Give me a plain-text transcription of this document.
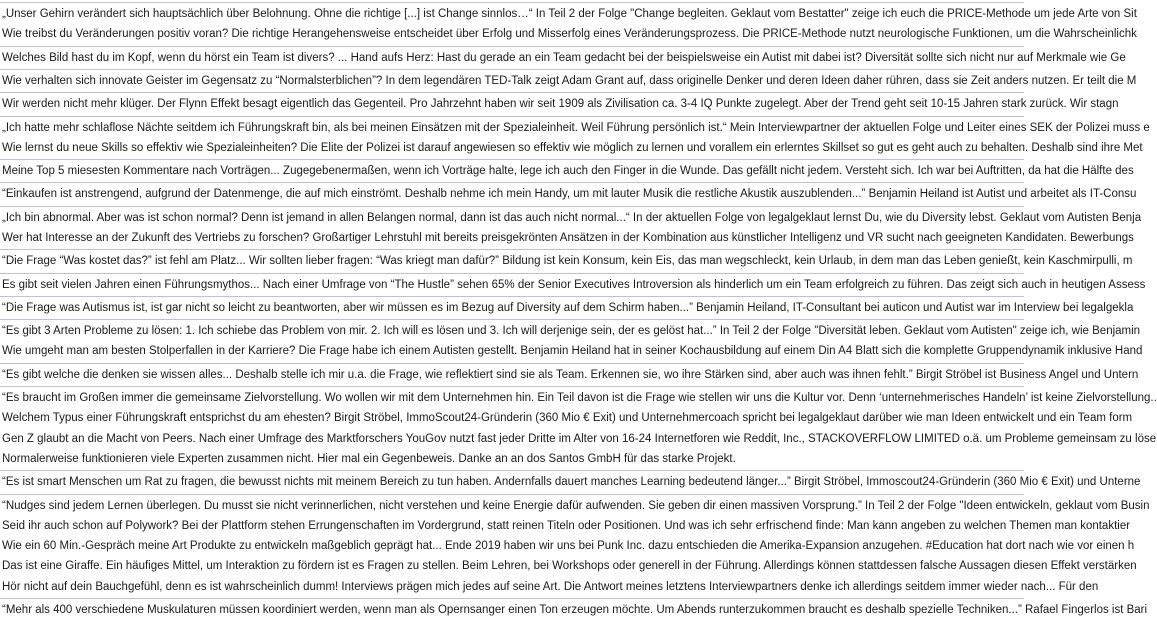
„Unser Gehirn verändert sich hauptsächlich über Belohnung. Ohne die richtige [...] ist Change sinnlos…“ In Teil 2 der Folge "Change begleiten. Geklaut vom Bestatter" zeige ich euch die PRICE-Methode um jede Arte von Sit
Wie treibst du Veränderungen positiv voran? Die richtige Herangehensweise entscheidet über Erfolg und Misserfolg eines Veränderungsprozess. Die PRICE-Methode nutzt neurologische Funktionen, um die Wahrscheinlichk
Welches Bild hast du im Kopf, wenn du hörst ein Team ist divers? ... Hand aufs Herz: Hast du gerade an ein Team gedacht bei der beispielsweise ein Autist mit dabei ist? Diversität sollte sich nicht nur auf Merkmale wie Ge
Wie verhalten sich innovate Geister im Gegensatz zu “Normalsterblichen”? In dem legendären TED-Talk zeigt Adam Grant auf, dass originelle Denker und deren Ideen daher rühren, dass sie Zeit anders nutzen. Er teilt die M
Wir werden nicht mehr klüger. Der Flynn Effekt besagt eigentlich das Gegenteil. Pro Jahrzehnt haben wir seit 1909 als Zivilisation ca. 3-4 IQ Punkte zugelegt. Aber der Trend geht seit 10-15 Jahren stark zurück. Wir stagn
„Ich hatte mehr schlaflose Nächte seitdem ich Führungskraft bin, als bei meinen Einsätzen mit der Spezialeinheit. Weil Führung persönlich ist.“ Mein Interviewpartner der aktuellen Folge und Leiter eines SEK der Polizei muss e
Wie lernst du neue Skills so effektiv wie Spezialeinheiten? Die Elite der Polizei ist darauf angewiesen so effektiv wie möglich zu lernen und vorallem ein erlerntes Skillset so gut es geht auch zu behalten. Deshalb sind ihre Met
Meine Top 5 miesesten Kommentare nach Vorträgen... Zugegebenermaßen, wenn ich Vorträge halte, lege ich auch den Finger in die Wunde. Das gefällt nicht jedem. Versteht sich. Ich war bei Auftritten, da hat die Hälfte des
“Einkaufen ist anstrengend, aufgrund der Datenmenge, die auf mich einströmt. Deshalb nehme ich mein Handy, um mit lauter Musik die restliche Akustik auszublenden...” Benjamin Heiland ist Autist und arbeitet als IT-Consu
„Ich bin abnormal. Aber was ist schon normal? Denn ist jemand in allen Belangen normal, dann ist das auch nicht normal...“ In der aktuellen Folge von legalgeklaut lernst Du, wie du Diversity lebst. Geklaut vom Autisten Benja
Wer hat Interesse an der Zukunft des Vertriebs zu forschen? Großartiger Lehrstuhl mit bereits preisgekrönten Ansätzen in der Kombination aus künstlicher Intelligenz und VR sucht nach geeigneten Kandidaten. Bewerbungs
“Die Frage “Was kostet das?” ist fehl am Platz... Wir sollten lieber fragen: “Was kriegt man dafür?” Bildung ist kein Konsum, kein Eis, das man wegschleckt, kein Urlaub, in dem man das Leben genießt, kein Kaschmirpulli, m
Es gibt seit vielen Jahren einen Führungsmythos... Nach einer Umfrage von “The Hustle” sehen 65% der Senior Executives Introversion als hinderlich um ein Team erfolgreich zu führen. Das zeigt sich auch in heutigen Assess
“Die Frage was Autismus ist, ist gar nicht so leicht zu beantworten, aber wir müssen es im Bezug auf Diversity auf dem Schirm haben...” Benjamin Heiland, IT-Consultant bei auticon und Autist war im Interview bei legalgekla
“Es gibt 3 Arten Probleme zu lösen: 1. Ich schiebe das Problem von mir. 2. Ich will es lösen und 3. Ich will derjenige sein, der es gelöst hat...” In Teil 2 der Folge "Diversität leben. Geklaut vom Autisten" zeige ich, wie Benjamin
Wie umgeht man am besten Stolperfallen in der Karriere? Die Frage habe ich einem Autisten gestellt. Benjamin Heiland hat in seiner Kochausbildung auf einem Din A4 Blatt sich die komplette Gruppendynamik inklusive Hand
“Es gibt welche die denken sie wissen alles... Deshalb stelle ich mir u.a. die Frage, wie reflektiert sind sie als Team. Erkennen sie, wo ihre Stärken sind, aber auch was ihnen fehlt.” Birgit Ströbel ist Business Angel und Untern
“Es braucht im Großen immer die gemeinsame Zielvorstellung. Wo wollen wir mit dem Unternehmen hin. Ein Teil davon ist die Frage wie stellen wir uns die Kultur vor. Denn ‘unternehmerisches Handeln’ ist keine Zielvorstellung..
Welchem Typus einer Führungskraft entsprichst du am ehesten? Birgit Ströbel, ImmoScout24-Gründerin (360 Mio € Exit) und Unternehmercoach spricht bei legalgeklaut darüber wie man Ideen entwickelt und ein Team form
Gen Z glaubt an die Macht von Peers. Nach einer Umfrage des Marktforschers YouGov nutzt fast jeder Dritte im Alter von 16-24 Internetforen wie Reddit, Inc., STACKOVERFLOW LIMITED o.ä. um Probleme gemeinsam zu löse
Normalerweise funktionieren viele Experten zusammen nicht. Hier mal ein Gegenbeweis. Danke an an dos Santos GmbH für das starke Projekt.
“Es ist smart Menschen um Rat zu fragen, die bewusst nichts mit meinem Bereich zu tun haben. Andernfalls dauert manches Learning bedeutend länger...” Birgit Ströbel, Immoscout24-Gründerin (360 Mio € Exit) und Unterne
“Nudges sind jedem Lernen überlegen. Du musst sie nicht verinnerlichen, nicht verstehen und keine Energie dafür aufwenden. Sie geben dir einen massiven Vorsprung.” In Teil 2 der Folge "Ideen entwickeln, geklaut vom Busin
Seid ihr auch schon auf Polywork? Bei der Plattform stehen Errungenschaften im Vordergrund, statt reinen Titeln oder Positionen. Und was ich sehr erfrischend finde: Man kann angeben zu welchen Themen man kontaktier
Wie ein 60 Min.-Gespräch meine Art Produkte zu entwickeln maßgeblich geprägt hat... Ende 2019 haben wir uns bei Punk Inc. dazu entschieden die Amerika-Expansion anzugehen. #Education hat dort nach wie vor einen h
Das ist eine Giraffe. Ein häufiges Mittel, um Interaktion zu fördern ist es Fragen zu stellen. Beim Lehren, bei Workshops oder generell in der Führung. Allerdings können stattdessen falsche Aussagen diesen Effekt verstärken
Hör nicht auf dein Bauchgefühl, denn es ist wahrscheinlich dumm! Interviews prägen mich jedes auf seine Art. Die Antwort meines letztens Interviewpartners denke ich allerdings seitdem immer wieder nach... Für den
“Mehr als 400 verschiedene Muskulaturen müssen koordiniert werden, wenn man als Opernsanger einen Ton erzeugen möchte. Um Abends runterzukommen braucht es deshalb spezielle Techniken...” Rafael Fingerlos ist Bari
